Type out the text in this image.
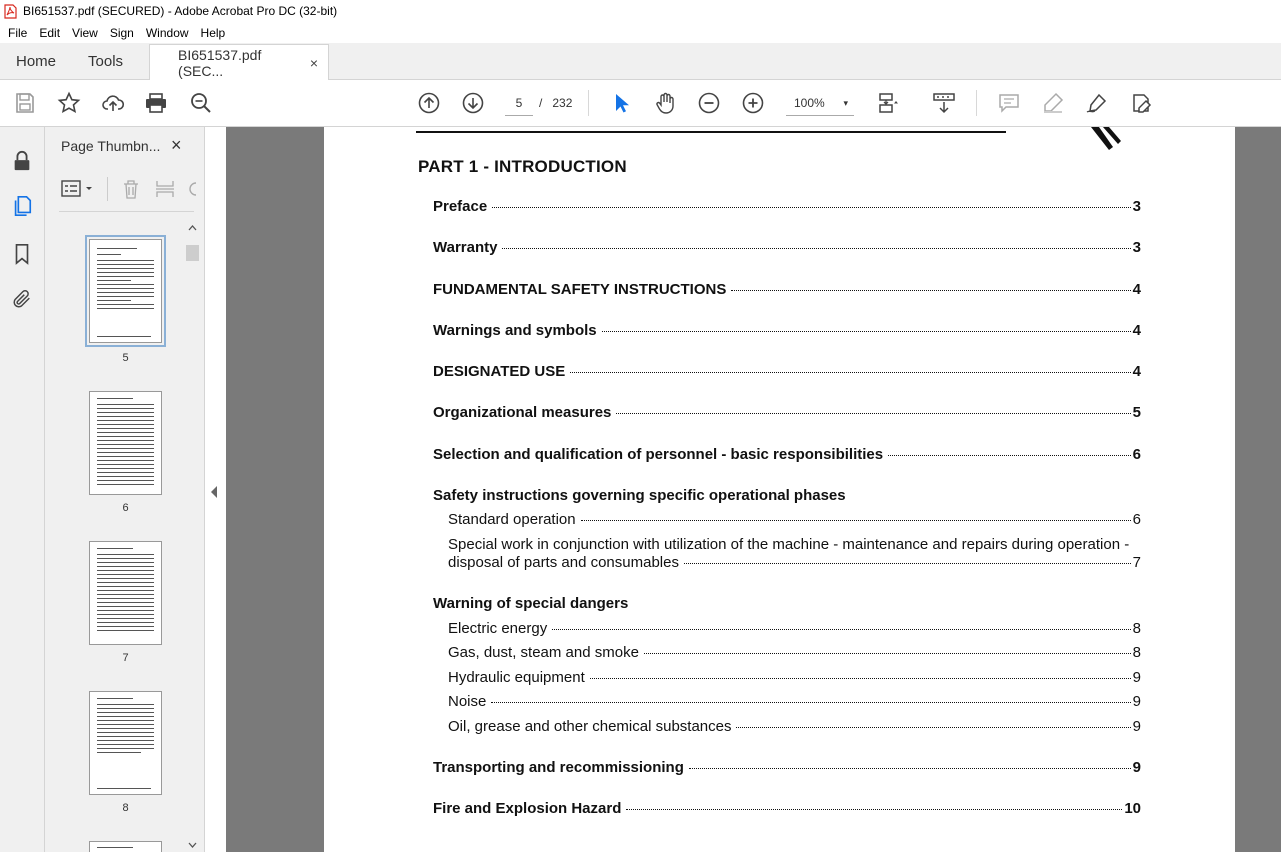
BI651537.pdf (SECURED) - Adobe Acrobat Pro DC (32-bit)
File	Edit	View	Sign	Window	Help
Home	Tools	BI651537.pdf (SEC...	×
5	/ 232	100% ▾
Page Thumbn... ×
5
6
7
8
PART 1 - INTRODUCTION
Preface	3
Warranty	3
FUNDAMENTAL SAFETY INSTRUCTIONS	4
Warnings and symbols	4
DESIGNATED USE	4
Organizational measures	5
Selection and qualification of personnel - basic responsibilities	6
Safety instructions governing specific operational phases
Standard operation	6
Special work in conjunction with utilization of the machine - maintenance and repairs during operation -
disposal of parts and consumables	7
Warning of special dangers
Electric energy	8
Gas, dust, steam and smoke	8
Hydraulic equipment	9
Noise	9
Oil, grease and other chemical substances	9
Transporting and recommissioning	9
Fire and Explosion Hazard	10
